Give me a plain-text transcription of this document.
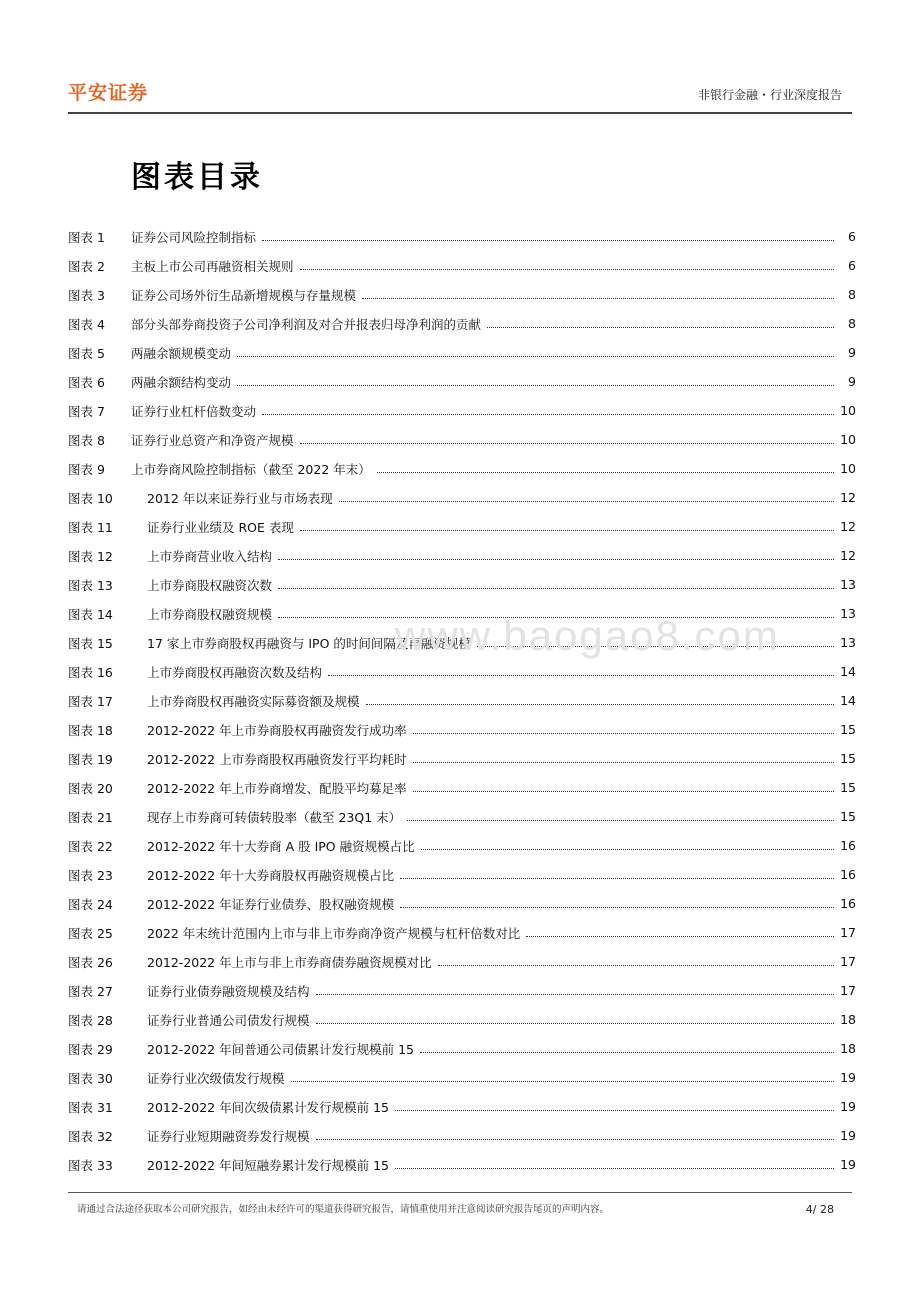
平安证券	非银行金融・行业深度报告
图表目录
图表 1	证券公司风险控制指标	6
图表 2	主板上市公司再融资相关规则	6
图表 3	证券公司场外衍生品新增规模与存量规模	8
图表 4	部分头部券商投资子公司净利润及对合并报表归母净利润的贡献	8
图表 5	两融余额规模变动	9
图表 6	两融余额结构变动	9
图表 7	证券行业杠杆倍数变动	10
图表 8	证券行业总资产和净资产规模	10
图表 9	上市券商风险控制指标（截至 2022 年末）	10
图表 10	2012 年以来证券行业与市场表现	12
图表 11	证券行业业绩及 ROE 表现	12
图表 12	上市券商营业收入结构	12
图表 13	上市券商股权融资次数	13
图表 14	上市券商股权融资规模	13
图表 15	17 家上市券商股权再融资与 IPO 的时间间隔及再融资规模	13
图表 16	上市券商股权再融资次数及结构	14
图表 17	上市券商股权再融资实际募资额及规模	14
图表 18	2012-2022 年上市券商股权再融资发行成功率	15
图表 19	2012-2022 上市券商股权再融资发行平均耗时	15
图表 20	2012-2022 年上市券商增发、配股平均募足率	15
图表 21	现存上市券商可转债转股率（截至 23Q1 末）	15
图表 22	2012-2022 年十大券商 A 股 IPO 融资规模占比	16
图表 23	2012-2022 年十大券商股权再融资规模占比	16
图表 24	2012-2022 年证券行业债券、股权融资规模	16
图表 25	2022 年末统计范围内上市与非上市券商净资产规模与杠杆倍数对比	17
图表 26	2012-2022 年上市与非上市券商债券融资规模对比	17
图表 27	证券行业债券融资规模及结构	17
图表 28	证券行业普通公司债发行规模	18
图表 29	2012-2022 年间普通公司债累计发行规模前 15	18
图表 30	证券行业次级债发行规模	19
图表 31	2012-2022 年间次级债累计发行规模前 15	19
图表 32	证券行业短期融资券发行规模	19
图表 33	2012-2022 年间短融券累计发行规模前 15	19
www.baogao8.com
请通过合法途径获取本公司研究报告，如经由未经许可的渠道获得研究报告，请慎重使用并注意阅读研究报告尾页的声明内容。	4/ 28
